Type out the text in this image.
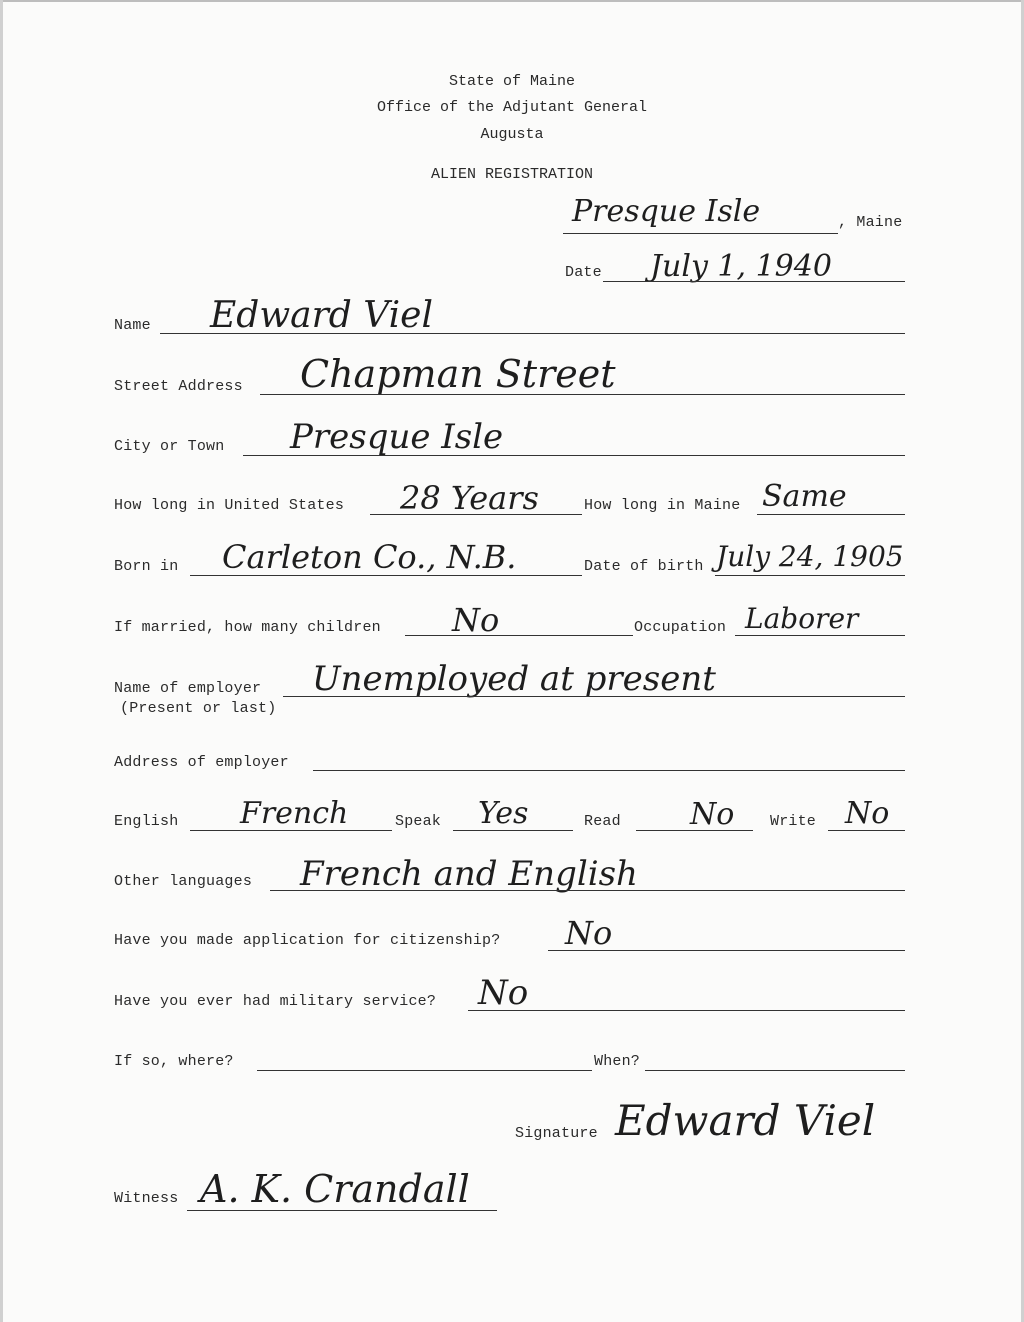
State of Maine
Office of the Adjutant General
Augusta
ALIEN REGISTRATION
Presque Isle	, Maine
Date July 1, 1940
Name Edward Viel
Street Address Chapman Street
City or Town Presque Isle
How long in United States 28 Years	How long in Maine Same
Born in Carleton Co., N.B.	Date of birth July 24, 1905
If married, how many children No	Occupation Laborer
Name of employer
(Present or last)
Unemployed at present
Address of employer
English French	Speak Yes	Read No Write No
Other languages French and English
Have you made application for citizenship? No
Have you ever had military service? No
If so, where?	When?
Signature Edward Viel
Witness A. K. Crandall
